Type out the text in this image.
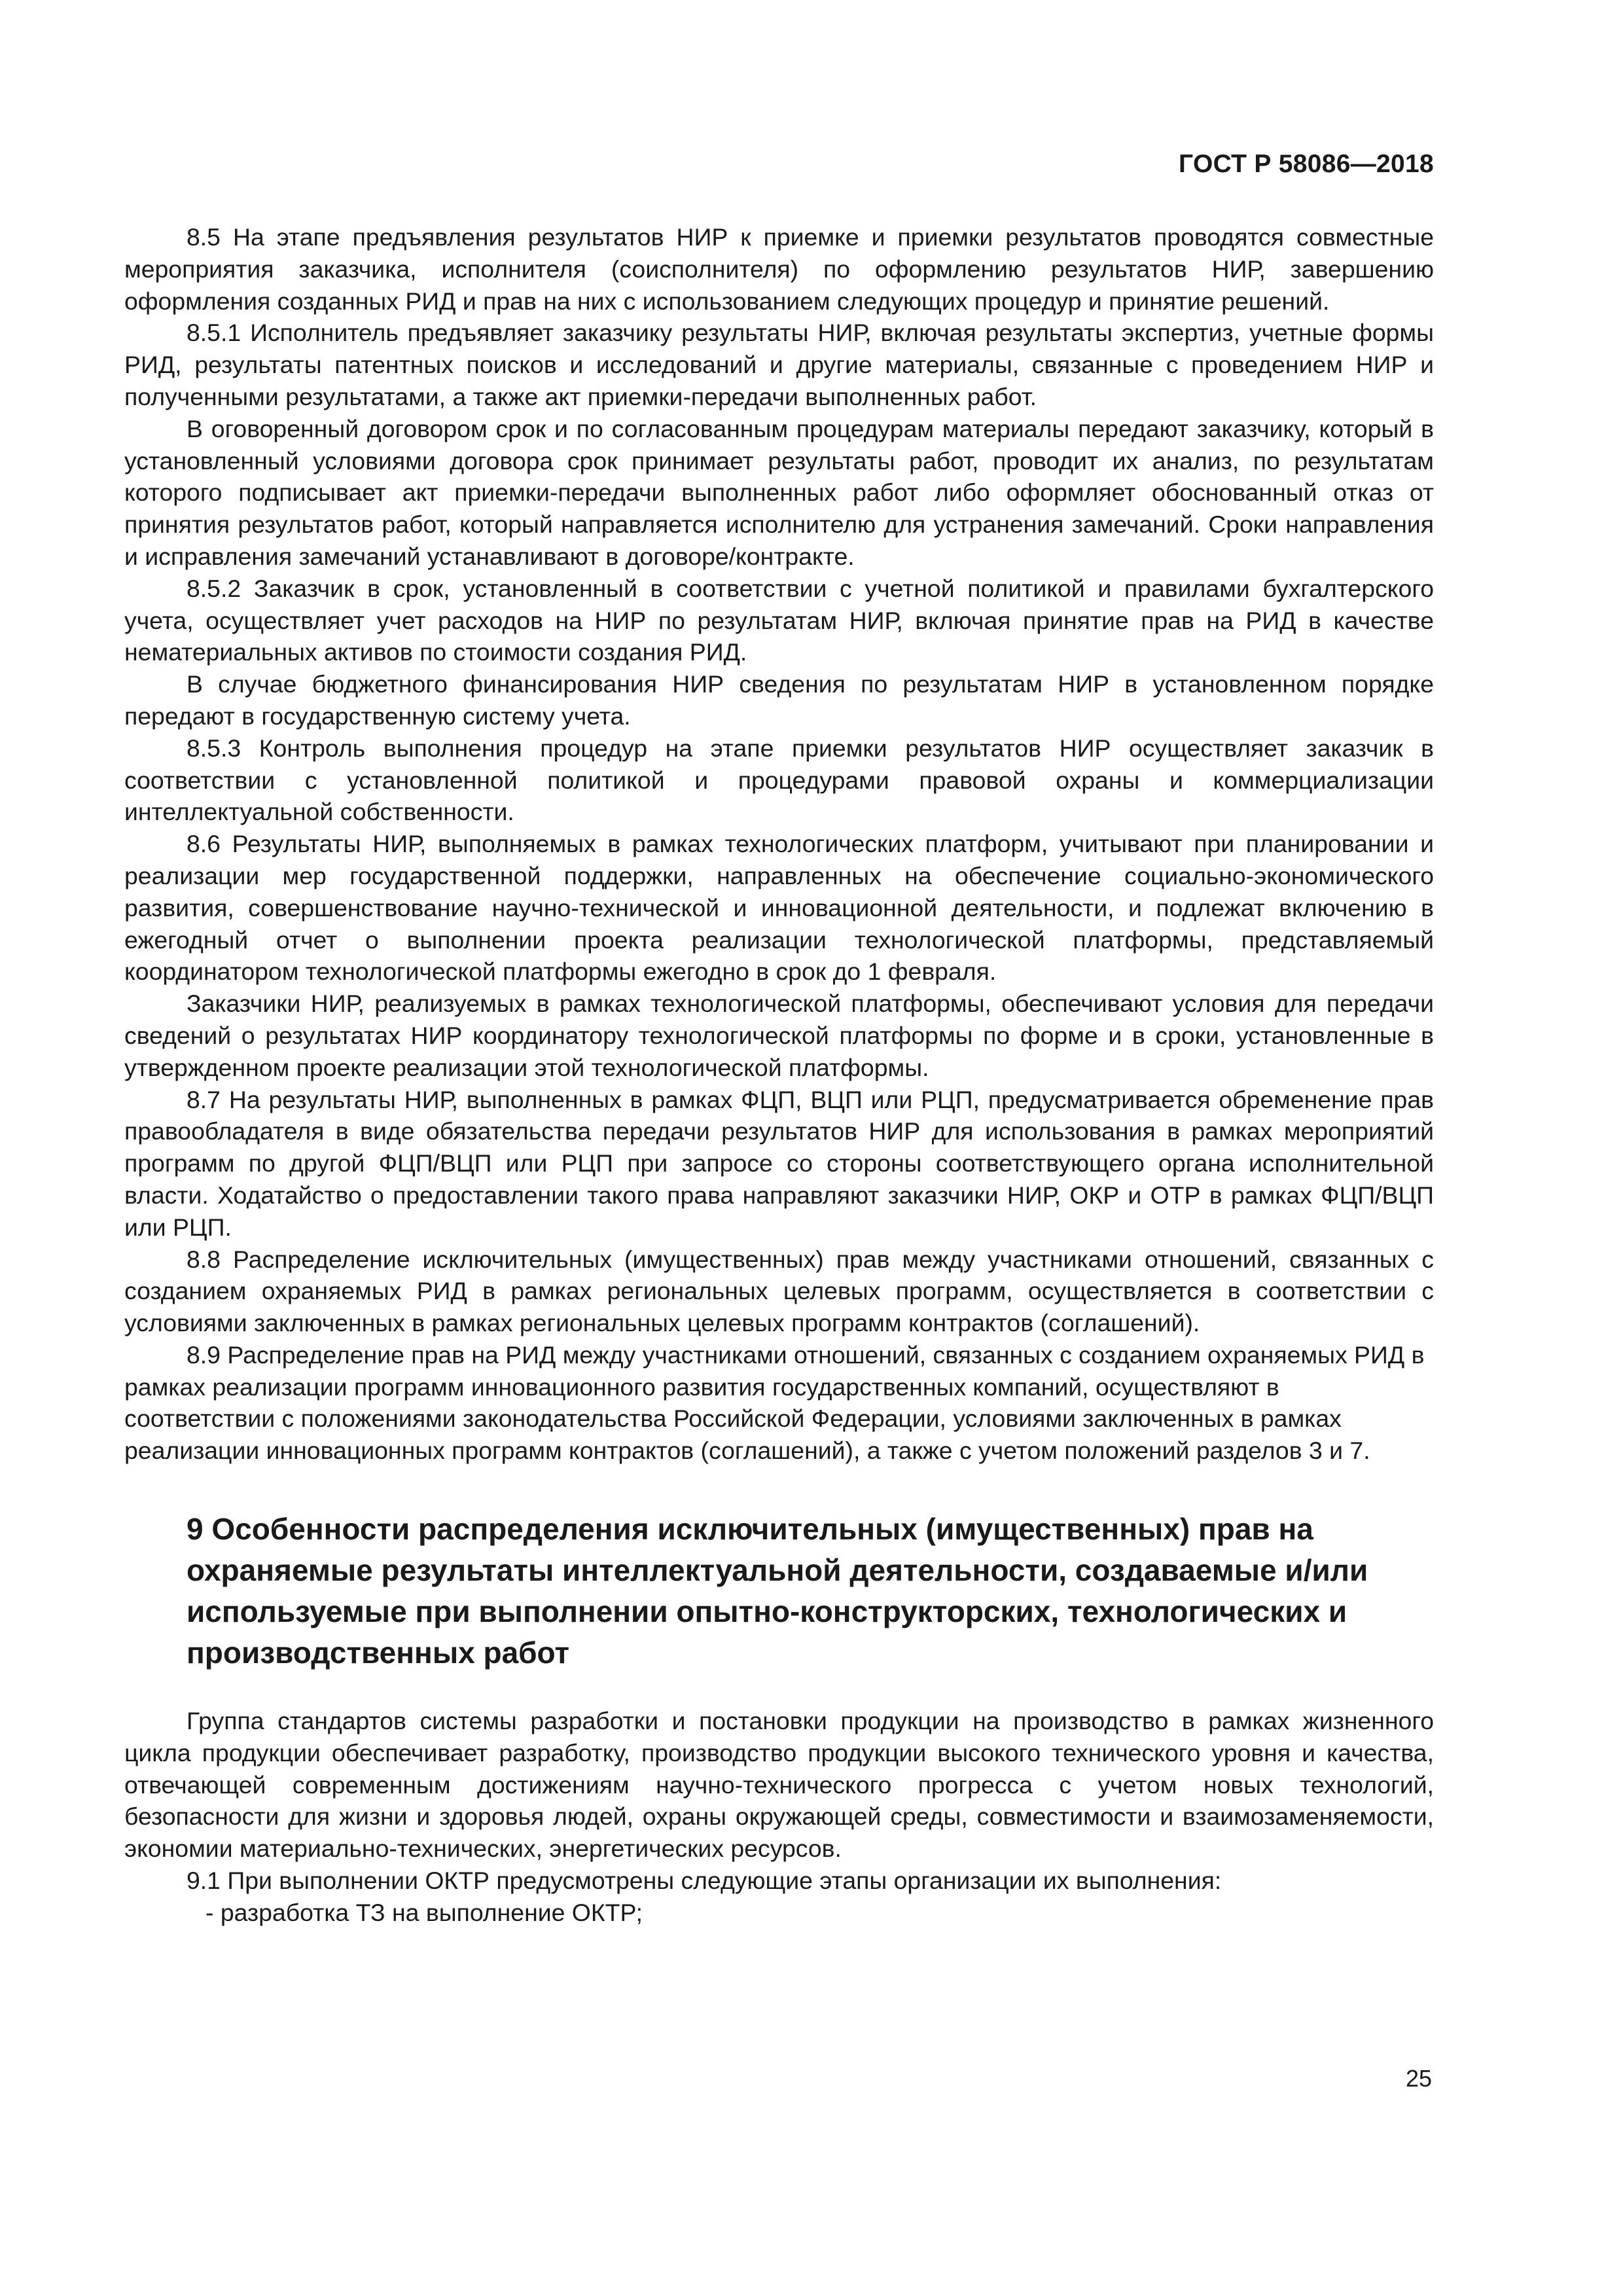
ГОСТ Р 58086—2018

8.5 На этапе предъявления результатов НИР к приемке и приемки результатов проводятся совместные мероприятия заказчика, исполнителя (соисполнителя) по оформлению результатов НИР, завершению оформления созданных РИД и прав на них с использованием следующих процедур и принятие решений.

8.5.1 Исполнитель предъявляет заказчику результаты НИР, включая результаты экспертиз, учетные формы РИД, результаты патентных поисков и исследований и другие материалы, связанные с проведением НИР и полученными результатами, а также акт приемки-передачи выполненных работ.

В оговоренный договором срок и по согласованным процедурам материалы передают заказчику, который в установленный условиями договора срок принимает результаты работ, проводит их анализ, по результатам которого подписывает акт приемки-передачи выполненных работ либо оформляет обоснованный отказ от принятия результатов работ, который направляется исполнителю для устранения замечаний. Сроки направления и исправления замечаний устанавливают в договоре/контракте.

8.5.2 Заказчик в срок, установленный в соответствии с учетной политикой и правилами бухгалтерского учета, осуществляет учет расходов на НИР по результатам НИР, включая принятие прав на РИД в качестве нематериальных активов по стоимости создания РИД.

В случае бюджетного финансирования НИР сведения по результатам НИР в установленном порядке передают в государственную систему учета.

8.5.3 Контроль выполнения процедур на этапе приемки результатов НИР осуществляет заказчик в соответствии с установленной политикой и процедурами правовой охраны и коммерциализации интеллектуальной собственности.

8.6 Результаты НИР, выполняемых в рамках технологических платформ, учитывают при планировании и реализации мер государственной поддержки, направленных на обеспечение социально-экономического развития, совершенствование научно-технической и инновационной деятельности, и подлежат включению в ежегодный отчет о выполнении проекта реализации технологической платформы, представляемый координатором технологической платформы ежегодно в срок до 1 февраля.

Заказчики НИР, реализуемых в рамках технологической платформы, обеспечивают условия для передачи сведений о результатах НИР координатору технологической платформы по форме и в сроки, установленные в утвержденном проекте реализации этой технологической платформы.

8.7 На результаты НИР, выполненных в рамках ФЦП, ВЦП или РЦП, предусматривается обременение прав правообладателя в виде обязательства передачи результатов НИР для использования в рамках мероприятий программ по другой ФЦП/ВЦП или РЦП при запросе со стороны соответствующего органа исполнительной власти. Ходатайство о предоставлении такого права направляют заказчики НИР, ОКР и ОТР в рамках ФЦП/ВЦП или РЦП.

8.8 Распределение исключительных (имущественных) прав между участниками отношений, связанных с созданием охраняемых РИД в рамках региональных целевых программ, осуществляется в соответствии с условиями заключенных в рамках региональных целевых программ контрактов (соглашений).

8.9 Распределение прав на РИД между участниками отношений, связанных с созданием охраняемых РИД в рамках реализации программ инновационного развития государственных компаний, осуществляют в соответствии с положениями законодательства Российской Федерации, условиями заключенных в рамках реализации инновационных программ контрактов (соглашений), а также с учетом положений разделов 3 и 7.

9 Особенности распределения исключительных (имущественных) прав на охраняемые результаты интеллектуальной деятельности, создаваемые и/или используемые при выполнении опытно-конструкторских, технологических и производственных работ

Группа стандартов системы разработки и постановки продукции на производство в рамках жизненного цикла продукции обеспечивает разработку, производство продукции высокого технического уровня и качества, отвечающей современным достижениям научно-технического прогресса с учетом новых технологий, безопасности для жизни и здоровья людей, охраны окружающей среды, совместимости и взаимозаменяемости, экономии материально-технических, энергетических ресурсов.

9.1 При выполнении ОКТР предусмотрены следующие этапы организации их выполнения:

- разработка ТЗ на выполнение ОКТР;

25
